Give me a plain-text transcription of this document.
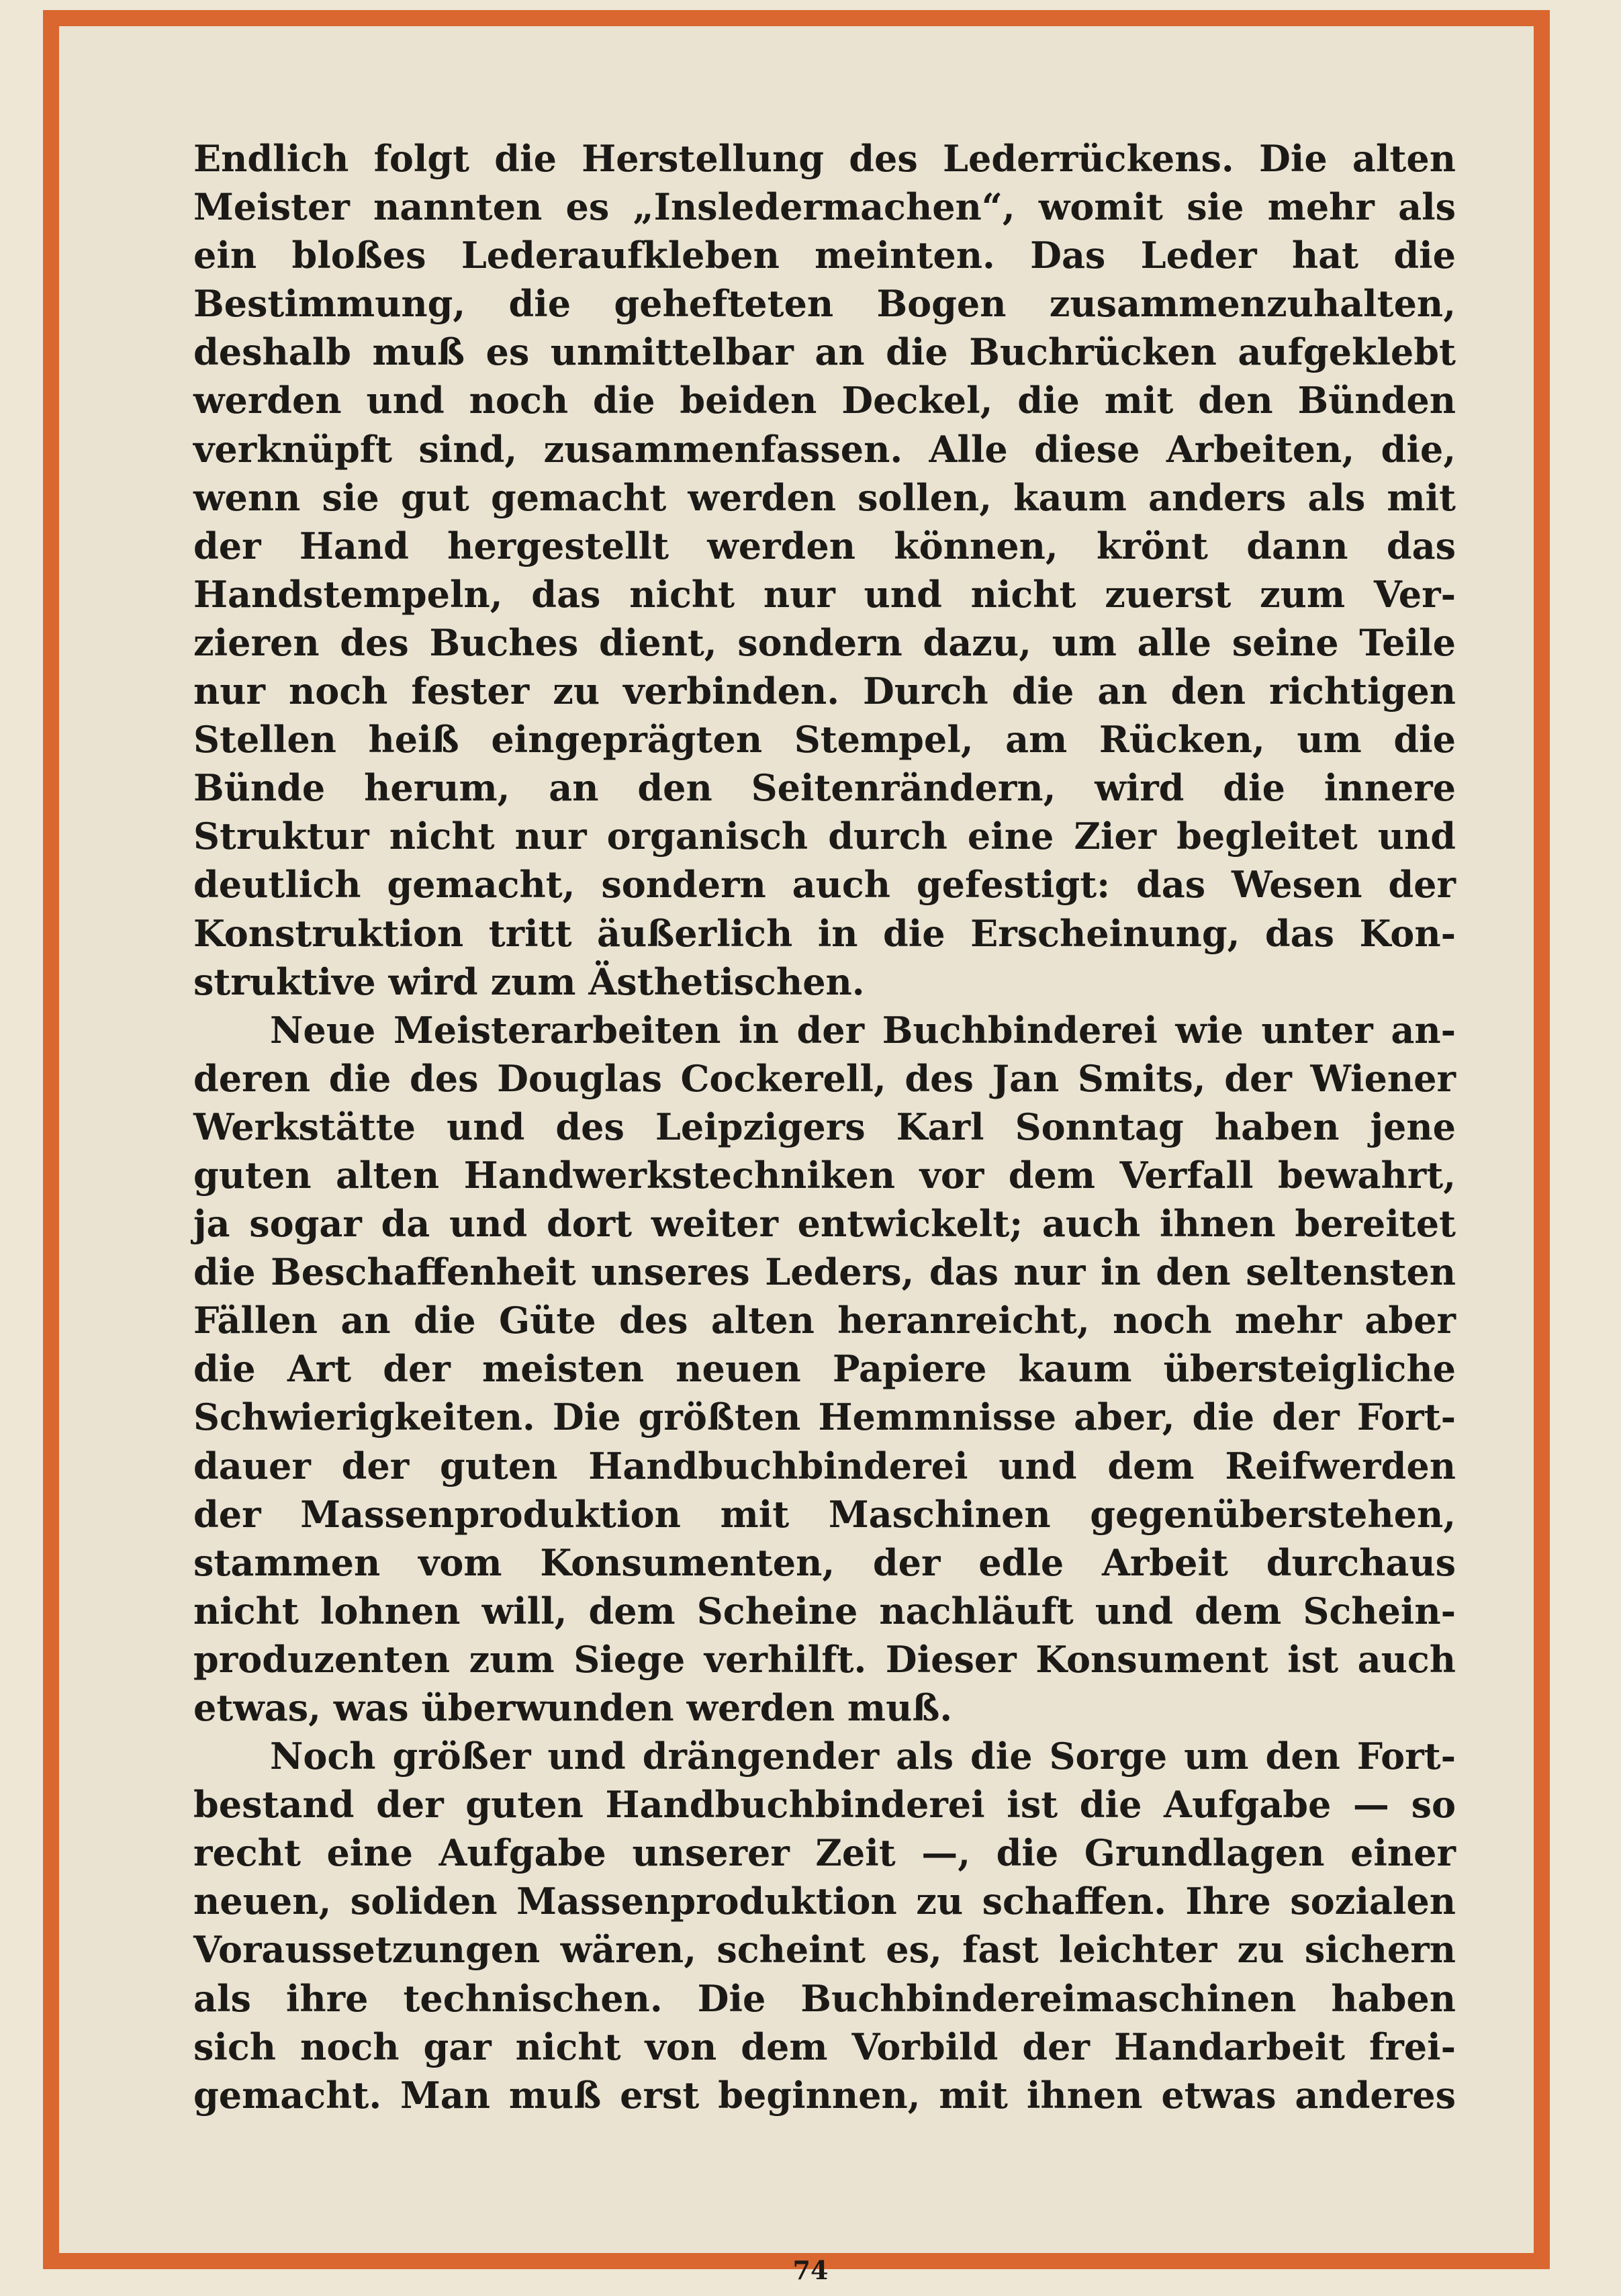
Endlich folgt die Herstellung des Lederrückens. Die alten
Meister nannten es „Insledermachen“, womit sie mehr als
ein bloßes Lederaufkleben meinten. Das Leder hat die
Bestimmung, die gehefteten Bogen zusammenzuhalten,
deshalb muß es unmittelbar an die Buchrücken aufgeklebt
werden und noch die beiden Deckel, die mit den Bünden
verknüpft sind, zusammenfassen. Alle diese Arbeiten, die,
wenn sie gut gemacht werden sollen, kaum anders als mit
der Hand hergestellt werden können, krönt dann das
Handstempeln, das nicht nur und nicht zuerst zum Ver-
zieren des Buches dient, sondern dazu, um alle seine Teile
nur noch fester zu verbinden. Durch die an den richtigen
Stellen heiß eingeprägten Stempel, am Rücken, um die
Bünde herum, an den Seitenrändern, wird die innere
Struktur nicht nur organisch durch eine Zier begleitet und
deutlich gemacht, sondern auch gefestigt: das Wesen der
Konstruktion tritt äußerlich in die Erscheinung, das Kon-
struktive wird zum Ästhetischen.
Neue Meisterarbeiten in der Buchbinderei wie unter an-
deren die des Douglas Cockerell, des Jan Smits, der Wiener
Werkstätte und des Leipzigers Karl Sonntag haben jene
guten alten Handwerkstechniken vor dem Verfall bewahrt,
ja sogar da und dort weiter entwickelt; auch ihnen bereitet
die Beschaffenheit unseres Leders, das nur in den seltensten
Fällen an die Güte des alten heranreicht, noch mehr aber
die Art der meisten neuen Papiere kaum übersteigliche
Schwierigkeiten. Die größten Hemmnisse aber, die der Fort-
dauer der guten Handbuchbinderei und dem Reifwerden
der Massenproduktion mit Maschinen gegenüberstehen,
stammen vom Konsumenten, der edle Arbeit durchaus
nicht lohnen will, dem Scheine nachläuft und dem Schein-
produzenten zum Siege verhilft. Dieser Konsument ist auch
etwas, was überwunden werden muß.
Noch größer und drängender als die Sorge um den Fort-
bestand der guten Handbuchbinderei ist die Aufgabe — so
recht eine Aufgabe unserer Zeit —, die Grundlagen einer
neuen, soliden Massenproduktion zu schaffen. Ihre sozialen
Voraussetzungen wären, scheint es, fast leichter zu sichern
als ihre technischen. Die Buchbindereimaschinen haben
sich noch gar nicht von dem Vorbild der Handarbeit frei-
gemacht. Man muß erst beginnen, mit ihnen etwas anderes
74
